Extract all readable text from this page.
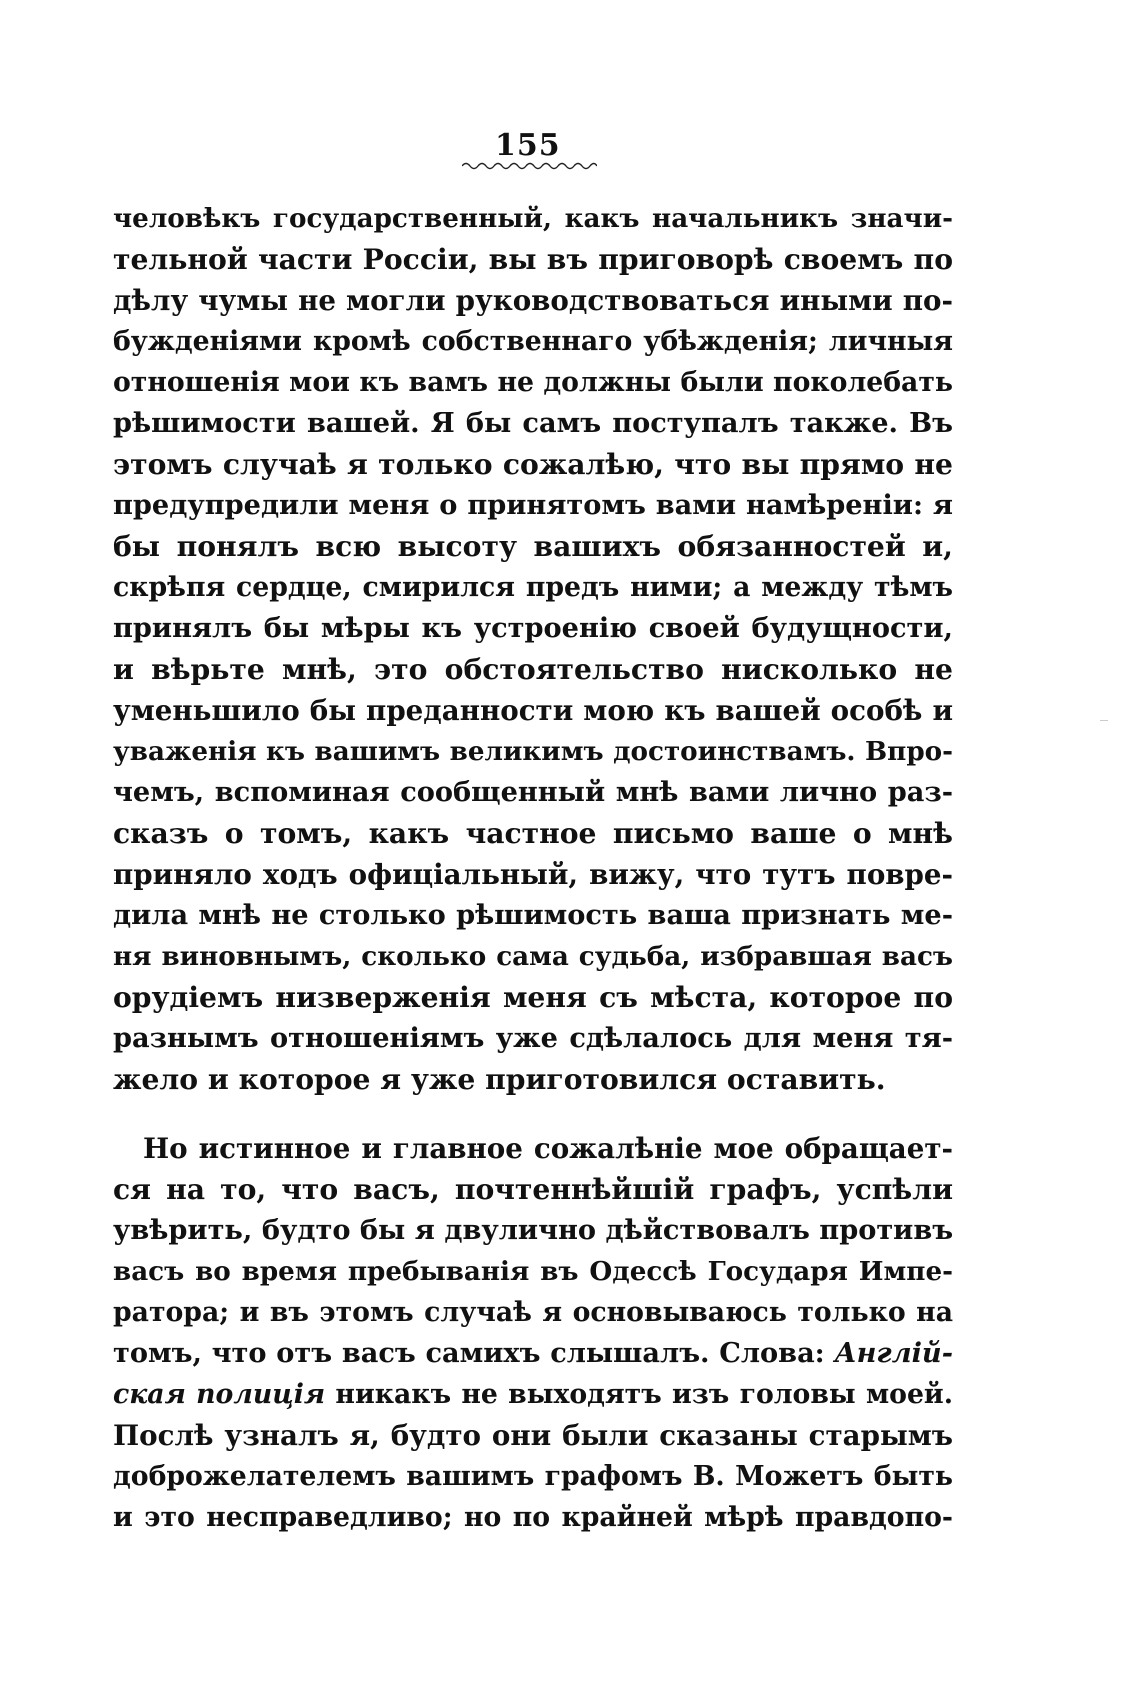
155
человѣкъ государственный, какъ начальникъ значи-
тельной части Россіи, вы въ приговорѣ своемъ по
дѣлу чумы не могли руководствоваться иными по-
бужденіями кромѣ собственнаго убѣжденія; личныя
отношенія мои къ вамъ не должны были поколебать
рѣшимости вашей. Я бы самъ поступалъ также. Въ
этомъ случаѣ я только сожалѣю, что вы прямо не
предупредили меня о принятомъ вами намѣреніи: я
бы понялъ всю высоту вашихъ обязанностей и,
скрѣпя сердце, смирился предъ ними; а между тѣмъ
принялъ бы мѣры къ устроенію своей будущности,
и вѣрьте мнѣ, это обстоятельство нисколько не
уменьшило бы преданности мою къ вашей особѣ и
уваженія къ вашимъ великимъ достоинствамъ. Впро-
чемъ, вспоминая сообщенный мнѣ вами лично раз-
сказъ о томъ, какъ частное письмо ваше о мнѣ
приняло ходъ офиціальный, вижу, что тутъ повре-
дила мнѣ не столько рѣшимость ваша признать ме-
ня виновнымъ, сколько сама судьба, избравшая васъ
орудіемъ низверженія меня съ мѣста, которое по
разнымъ отношеніямъ уже сдѣлалось для меня тя-
жело и которое я уже приготовился оставить.
Но истинное и главное сожалѣніе мое обращает-
ся на то, что васъ, почтеннѣйшій графъ, успѣли
увѣрить, будто бы я двулично дѣйствовалъ противъ
васъ во время пребыванія въ Одессѣ Государя Импе-
ратора; и въ этомъ случаѣ я основываюсь только на
томъ, что отъ васъ самихъ слышалъ. Слова: Англій-
ская полиція никакъ не выходятъ изъ головы моей.
Послѣ узналъ я, будто они были сказаны старымъ
доброжелателемъ вашимъ графомъ В. Можетъ быть
и это несправедливо; но по крайней мѣрѣ правдопо-
